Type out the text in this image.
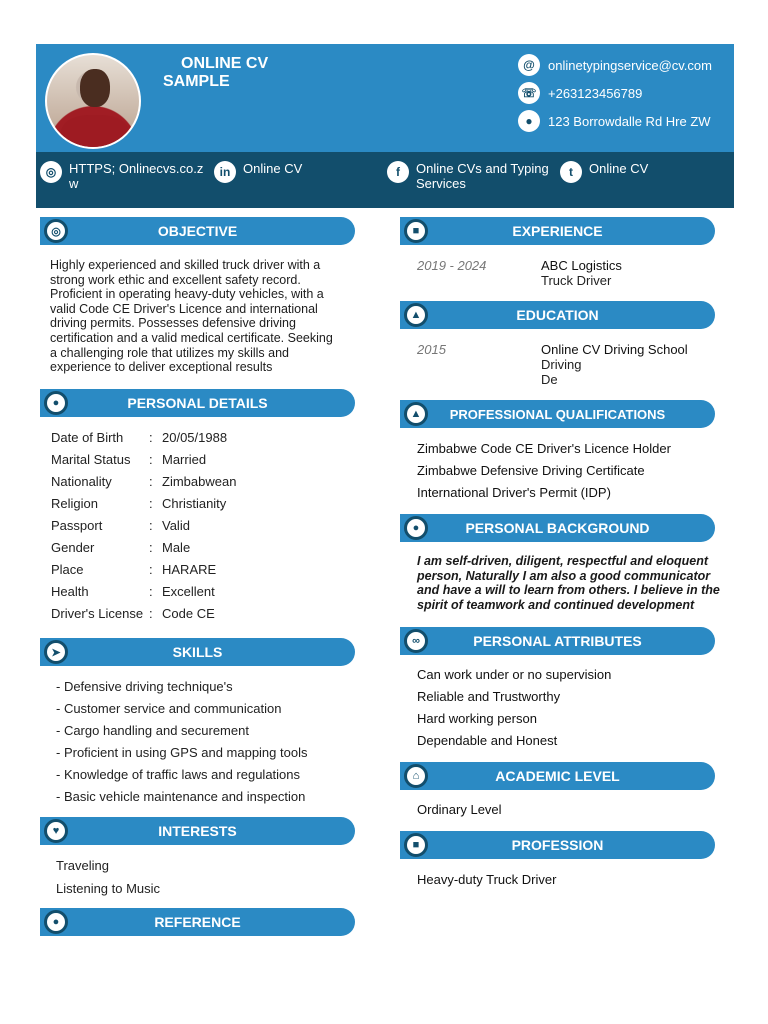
ONLINE CV
SAMPLE
@	onlinetypingservice@cv.com
☏ +263123456789
●	123 Borrowdalle Rd Hre ZW
◎ HTTPS; Onlinecvs.co.z
w
in Online CV	f	Online CVs and Typing
Services
t	Online CV
◎	OBJECTIVE
Highly experienced and skilled truck driver with a
strong work ethic and excellent safety record.
Proficient in operating heavy-duty vehicles, with a
valid Code CE Driver's Licence and international
driving permits. Possesses defensive driving
certification and a valid medical certificate. Seeking
a challenging role that utilizes my skills and
experience to deliver exceptional results
●	PERSONAL DETAILS
Date of Birth	: 20/05/1988
Marital Status	: Married
Nationality	: Zimbabwean
Religion	: Christianity
Passport	: Valid
Gender	: Male
Place	: HARARE
Health	: Excellent
Driver's License : Code CE
➤	SKILLS
- Defensive driving technique's
- Customer service and communication
- Cargo handling and securement
- Proficient in using GPS and mapping tools
- Knowledge of traffic laws and regulations
- Basic vehicle maintenance and inspection
♥	INTERESTS
Traveling
Listening to Music
●	REFERENCE
■	EXPERIENCE
2019 - 2024	ABC Logistics
Truck Driver
▲	EDUCATION
2015	Online CV Driving School
Driving
De
▲	PROFESSIONAL QUALIFICATIONS
Zimbabwe Code CE Driver's Licence Holder
Zimbabwe Defensive Driving Certificate
International Driver's Permit (IDP)
●	PERSONAL BACKGROUND
I am self-driven, diligent, respectful and eloquent
person, Naturally I am also a good communicator
and have a will to learn from others. I believe in the
spirit of teamwork and continued development
∞	PERSONAL ATTRIBUTES
Can work under or no supervision
Reliable and Trustworthy
Hard working person
Dependable and Honest
⌂	ACADEMIC LEVEL
Ordinary Level
■	PROFESSION
Heavy-duty Truck Driver
